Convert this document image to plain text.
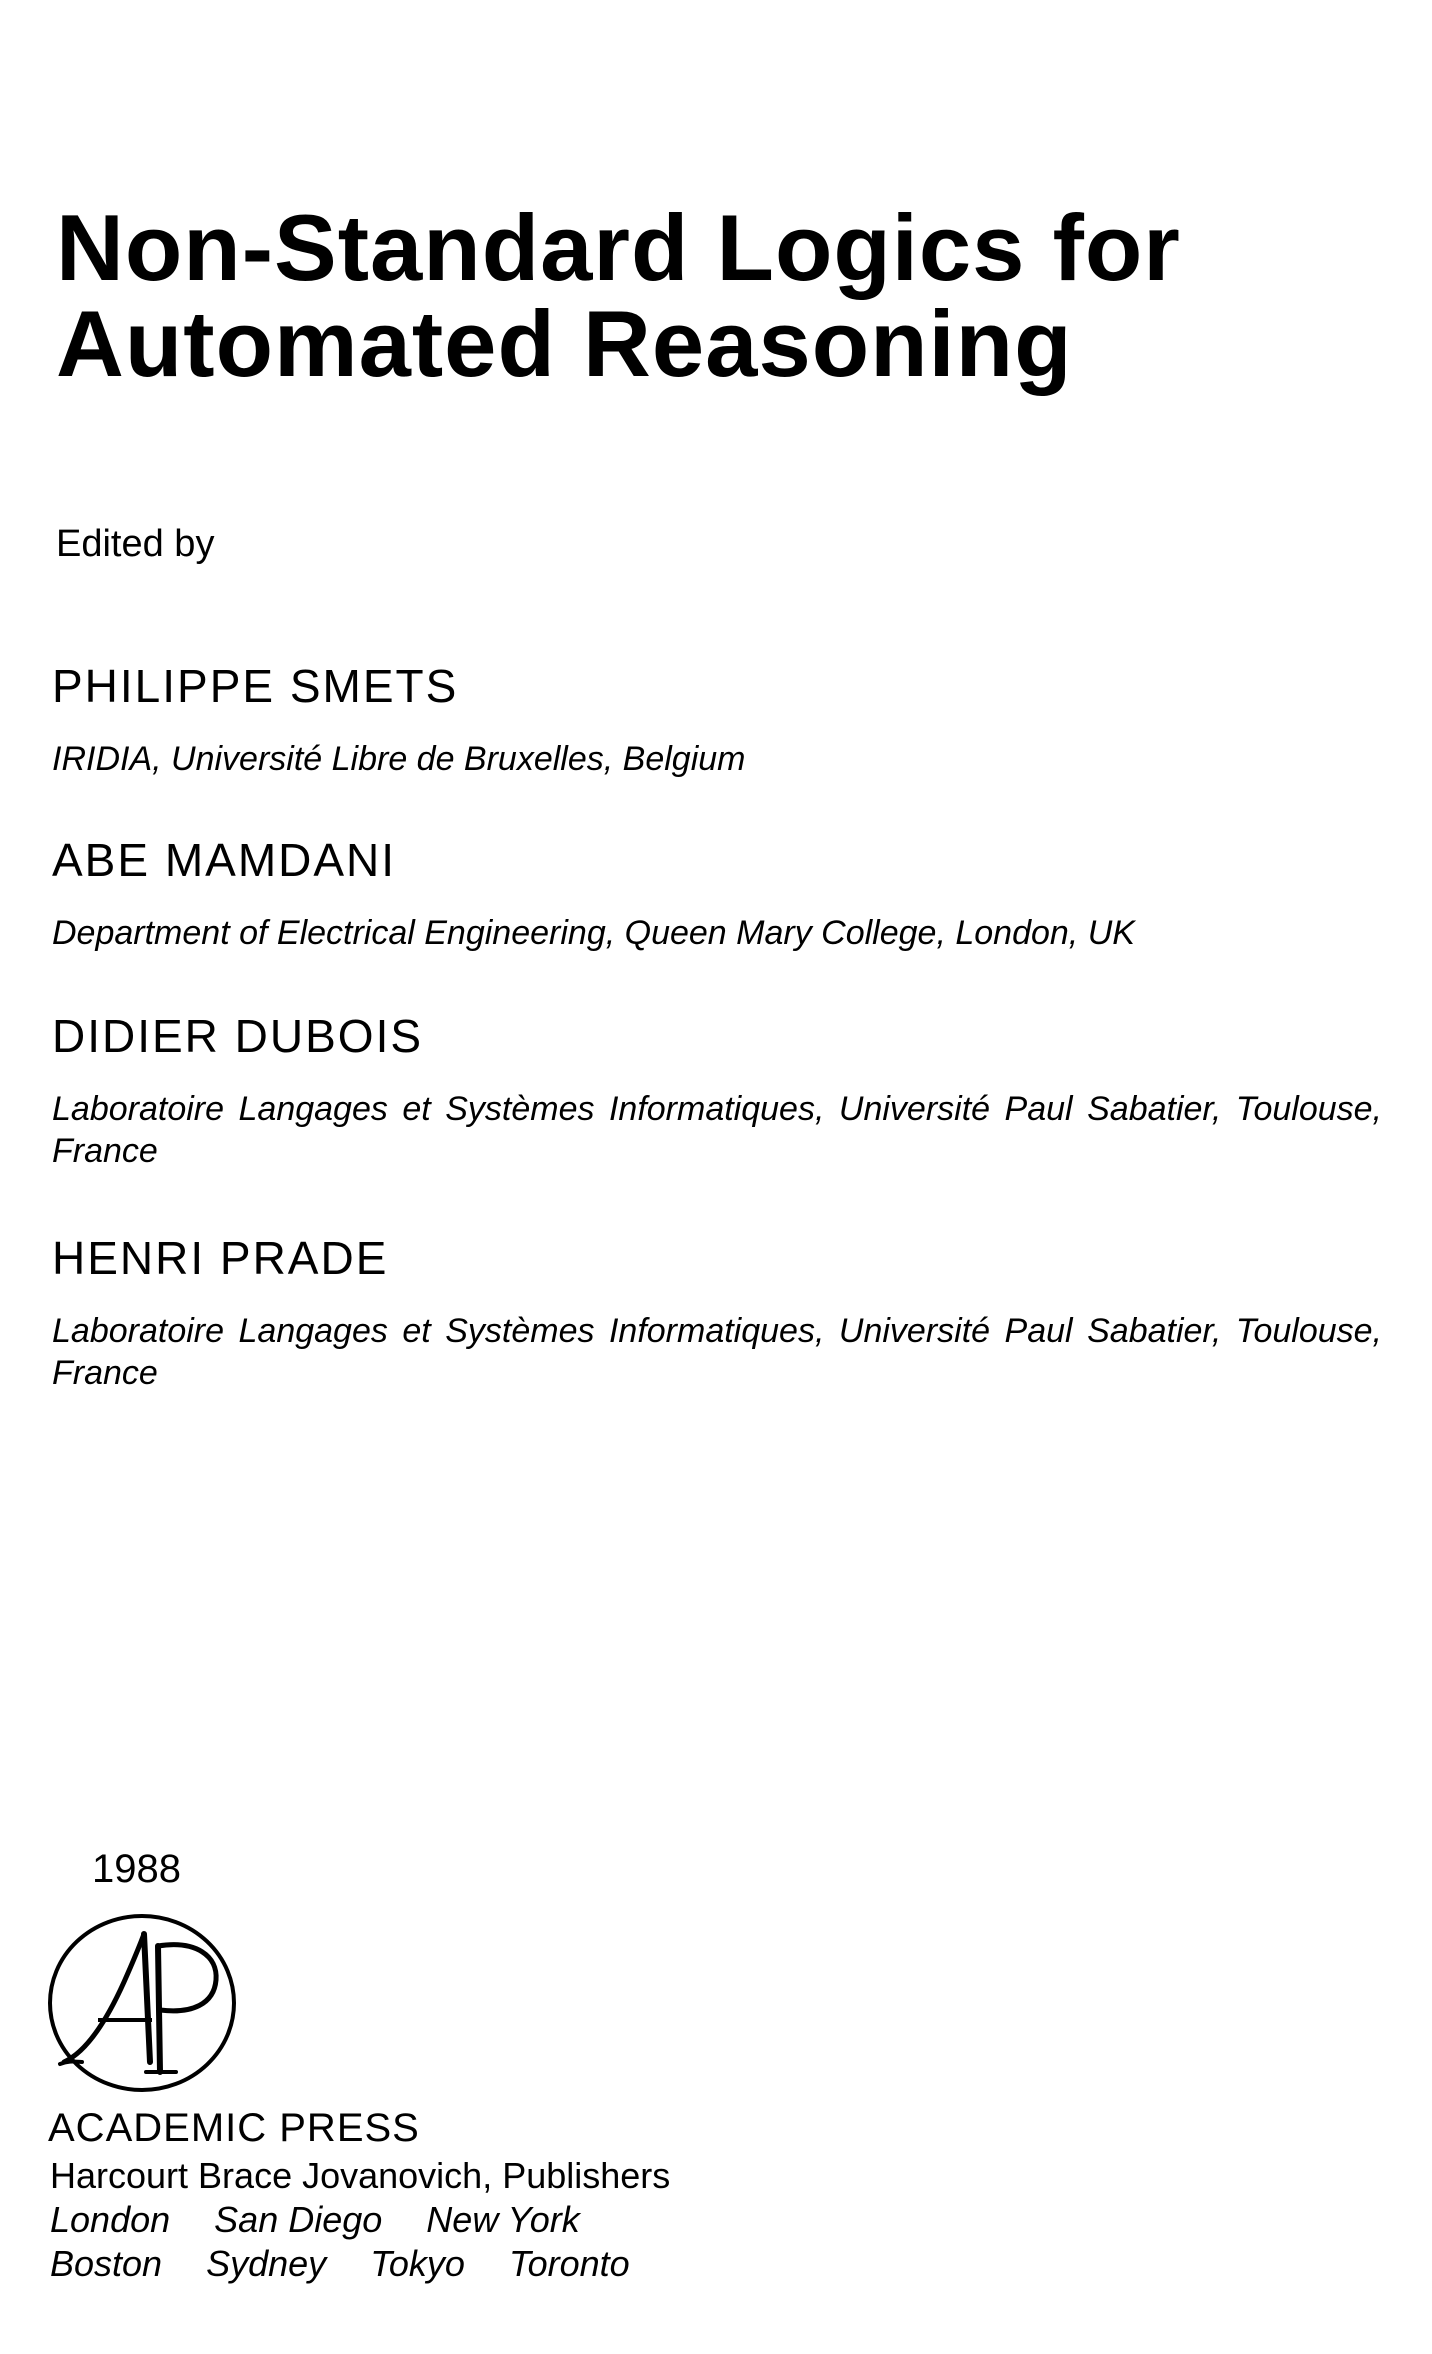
Non-Standard Logics for
Automated Reasoning
Edited by
PHILIPPE SMETS
IRIDIA, Université Libre de Bruxelles, Belgium
ABE MAMDANI
Department of Electrical Engineering, Queen Mary College, London, UK
DIDIER DUBOIS
Laboratoire Langages et Systèmes Informatiques, Université Paul Sabatier, Toulouse, France
HENRI PRADE
Laboratoire Langages et Systèmes Informatiques, Université Paul Sabatier, Toulouse, France
1988
ACADEMIC PRESS
Harcourt Brace Jovanovich, Publishers
London San Diego New York
Boston Sydney Tokyo Toronto
